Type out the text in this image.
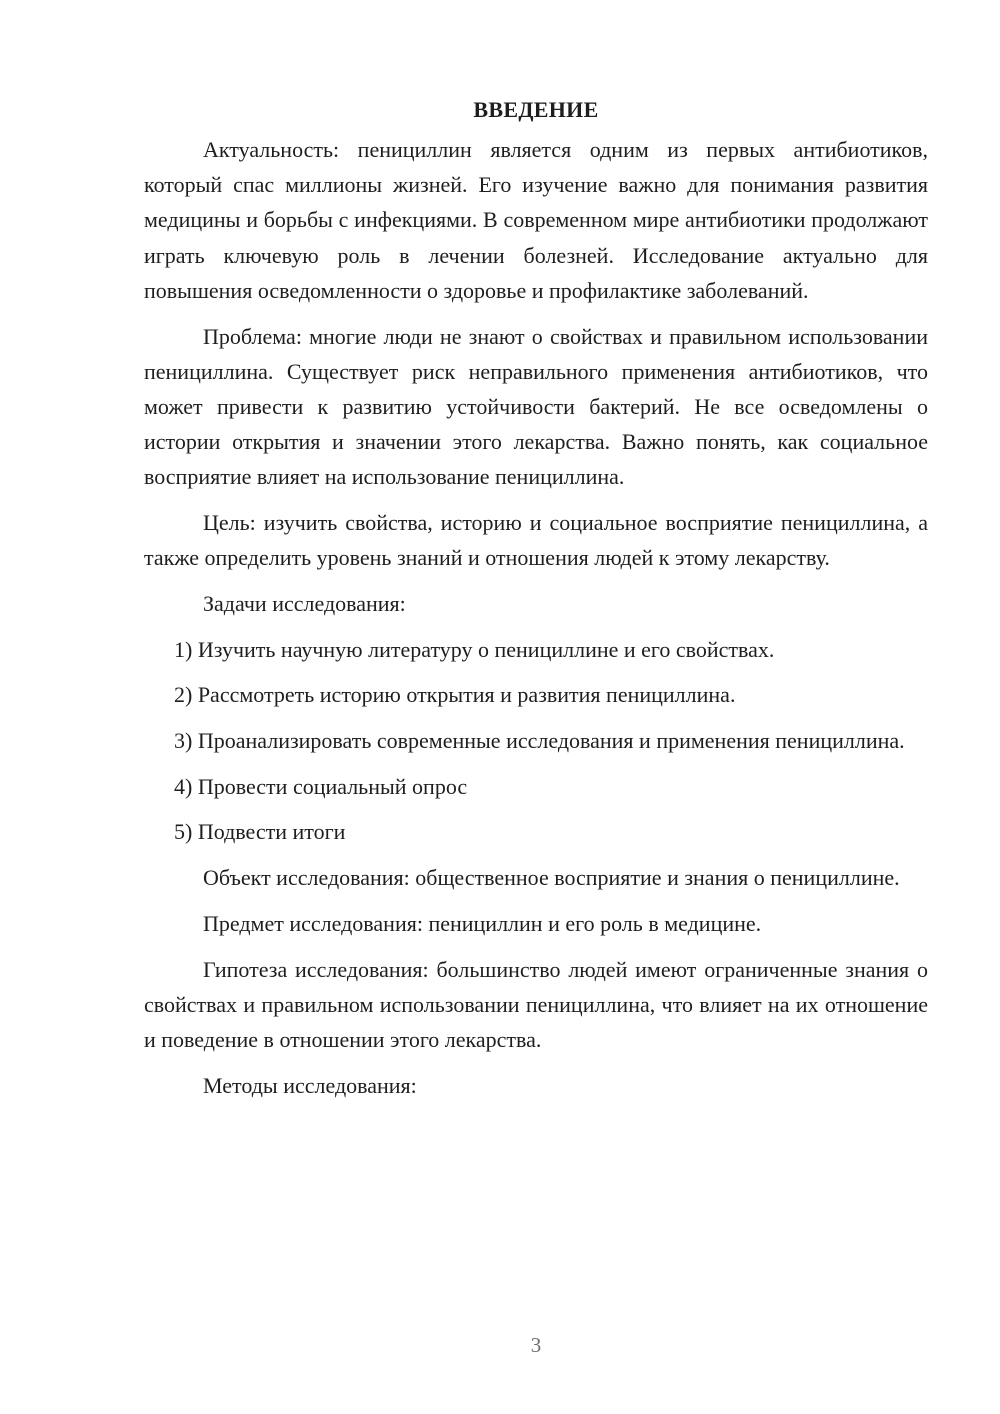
ВВЕДЕНИЕ

Актуальность: пенициллин является одним из первых антибиотиков, который спас миллионы жизней. Его изучение важно для понимания развития медицины и борьбы с инфекциями. В современном мире антибиотики продолжают играть ключевую роль в лечении болезней. Исследование актуально для повышения осведомленности о здоровье и профилактике заболеваний.

Проблема: многие люди не знают о свойствах и правильном использовании пенициллина. Существует риск неправильного применения антибиотиков, что может привести к развитию устойчивости бактерий. Не все осведомлены о истории открытия и значении этого лекарства. Важно понять, как социальное восприятие влияет на использование пенициллина.

Цель: изучить свойства, историю и социальное восприятие пенициллина, а также определить уровень знаний и отношения людей к этому лекарству.

Задачи исследования:

1) Изучить научную литературу о пенициллине и его свойствах.

2) Рассмотреть историю открытия и развития пенициллина.

3) Проанализировать современные исследования и применения пенициллина.

4) Провести социальный опрос

5) Подвести итоги

Объект исследования: общественное восприятие и знания о пенициллине.

Предмет исследования: пенициллин и его роль в медицине.

Гипотеза исследования: большинство людей имеют ограниченные знания о свойствах и правильном использовании пенициллина, что влияет на их отношение и поведение в отношении этого лекарства.

Методы исследования:

3
